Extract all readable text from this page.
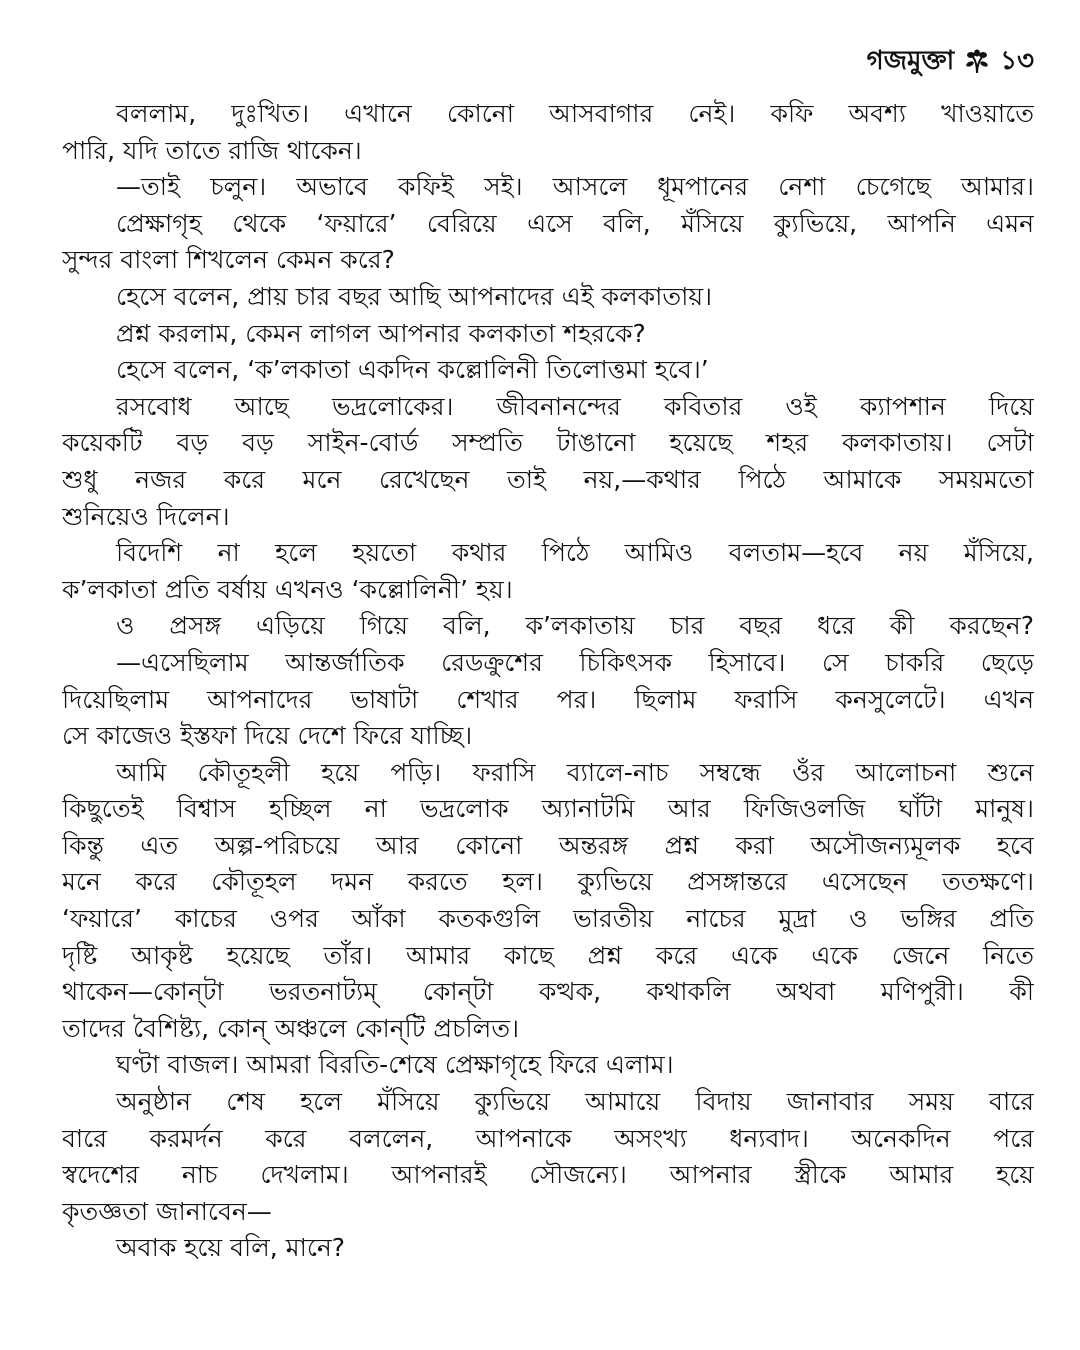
গজমুক্তা ১৩
বললাম, দুঃখিত। এখানে কোনো আসবাগার নেই। কফি অবশ্য খাওয়াতে
পারি, যদি তাতে রাজি থাকেন।
—তাই চলুন। অভাবে কফিই সই। আসলে ধূমপানের নেশা চেগেছে আমার।
প্রেক্ষাগৃহ থেকে ‘ফয়ারে’ বেরিয়ে এসে বলি, মঁসিয়ে ক্যুভিয়ে, আপনি এমন
সুন্দর বাংলা শিখলেন কেমন করে?
হেসে বলেন, প্রায় চার বছর আছি আপনাদের এই কলকাতায়।
প্রশ্ন করলাম, কেমন লাগল আপনার কলকাতা শহরকে?
হেসে বলেন, ‘ক’লকাতা একদিন কল্লোলিনী তিলোত্তমা হবে।’
রসবোধ আছে ভদ্রলোকের। জীবনানন্দের কবিতার ওই ক্যাপশান দিয়ে
কয়েকটি বড় বড় সাইন-বোর্ড সম্প্রতি টাঙানো হয়েছে শহর কলকাতায়। সেটা
শুধু নজর করে মনে রেখেছেন তাই নয়,—কথার পিঠে আমাকে সময়মতো
শুনিয়েও দিলেন।
বিদেশি না হলে হয়তো কথার পিঠে আমিও বলতাম—হবে নয় মঁসিয়ে,
ক’লকাতা প্রতি বর্ষায় এখনও ‘কল্লোলিনী’ হয়।
ও প্রসঙ্গ এড়িয়ে গিয়ে বলি, ক’লকাতায় চার বছর ধরে কী করছেন?
—এসেছিলাম আন্তর্জাতিক রেডক্রুশের চিকিৎসক হিসাবে। সে চাকরি ছেড়ে
দিয়েছিলাম আপনাদের ভাষাটা শেখার পর। ছিলাম ফরাসি কনসুলেটে। এখন
সে কাজেও ইস্তফা দিয়ে দেশে ফিরে যাচ্ছি।
আমি কৌতূহলী হয়ে পড়ি। ফরাসি ব্যালে-নাচ সম্বন্ধে ওঁর আলোচনা শুনে
কিছুতেই বিশ্বাস হচ্ছিল না ভদ্রলোক অ্যানাটমি আর ফিজিওলজি ঘাঁটা মানুষ।
কিন্তু এত অল্প-পরিচয়ে আর কোনো অন্তরঙ্গ প্রশ্ন করা অসৌজন্যমূলক হবে
মনে করে কৌতূহল দমন করতে হল। ক্যুভিয়ে প্রসঙ্গান্তরে এসেছেন ততক্ষণে।
‘ফয়ারে’ কাচের ওপর আঁকা কতকগুলি ভারতীয় নাচের মুদ্রা ও ভঙ্গির প্রতি
দৃষ্টি আকৃষ্ট হয়েছে তাঁর। আমার কাছে প্রশ্ন করে একে একে জেনে নিতে
থাকেন—কোন্‌টা ভরতনাট্যম্‌ কোন্‌টা কত্থক, কথাকলি অথবা মণিপুরী। কী
তাদের বৈশিষ্ট্য, কোন্‌ অঞ্চলে কোন্‌টি প্রচলিত।
ঘণ্টা বাজল। আমরা বিরতি-শেষে প্রেক্ষাগৃহে ফিরে এলাম।
অনুষ্ঠান শেষ হলে মঁসিয়ে ক্যুভিয়ে আমায়ে বিদায় জানাবার সময় বারে
বারে করমর্দন করে বললেন, আপনাকে অসংখ্য ধন্যবাদ। অনেকদিন পরে
স্বদেশের নাচ দেখলাম। আপনারই সৌজন্যে। আপনার স্ত্রীকে আমার হয়ে
কৃতজ্ঞতা জানাবেন—
অবাক হয়ে বলি, মানে?
